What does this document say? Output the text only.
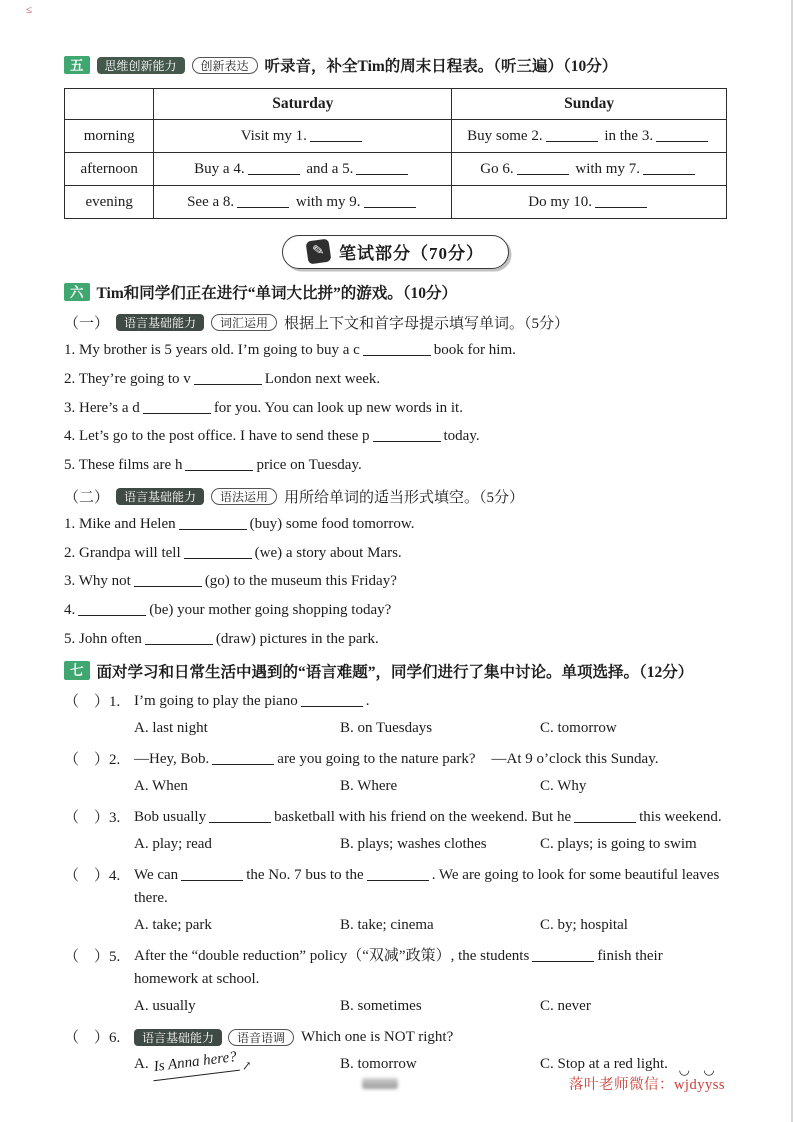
≤
五	思维创新能力	创新表达	听录音，补全Tim的周末日程表。（听三遍）（10分）
	Saturday	Sunday
morning	Visit my 1.	Buy some 2. in the 3.
afternoon	Buy a 4. and a 5.	Go 6. with my 7.
evening	See a 8. with my 9.	Do my 10.
✎ 笔试部分（70分）
六 Tim和同学们正在进行“单词大比拼”的游戏。（10分）
（一）	语言基础能力	词汇运用	根据上下文和首字母提示填写单词。（5分）

1. My brother is 5 years old. I’m going to buy a c	book for him.

2. They’re going to v	London next week.

3. Here’s a d	for you. You can look up new words in it.

4. Let’s go to the post office. I have to send these p	today.

5. These films are h	price on Tuesday.

（二）	语言基础能力	语法运用	用所给单词的适当形式填空。（5分）

1. Mike and Helen	(buy) some food tomorrow.

2. Grandpa will tell	(we) a story about Mars.

3. Why not	(go) to the museum this Friday?

4.	(be) your mother going shopping today?

5. John often	(draw) pictures in the park.

七 面对学习和日常生活中遇到的“语言难题”，同学们进行了集中讨论。单项选择。（12分）
（　）1. I’m going to play the piano	.
A. last night	B. on Tuesdays	C. tomorrow
（　）2. —Hey, Bob.	are you going to the nature park? —At 9 o’clock this Sunday.
A. When	B. Where	C. Why
（　）3. Bob usually	basketball with his friend on the weekend. But he	this weekend.
A. play; read	B. plays; washes clothes	C. plays; is going to swim
（　）4. We can	the No. 7 bus to the	. We are going to look for some beautiful leaves there.
A. take; park	B. take; cinema	C. by; hospital
（　）5. After the “double reduction” policy（“双减”政策）, the students	finish their homework at school.
A. usually	B. sometimes	C. never
（　）6.	语言基础能力	语音语调	Which one is NOT right?
A. Is Anna here? ↗	B. tomorrow	C. Stop at a red light. ◡ ◡
落叶老师微信：wjdyyss
